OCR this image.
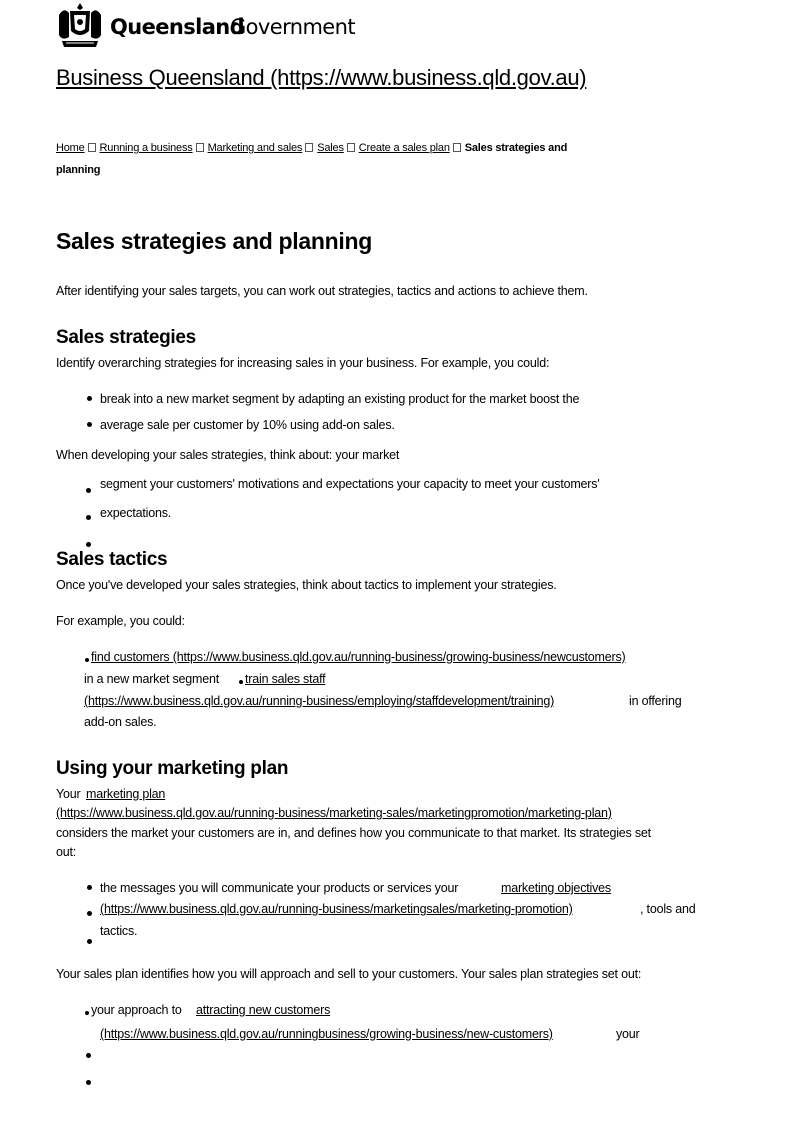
Queensland
Government
Business Queensland (https://www.business.qld.gov.au)
Home Running a business Marketing and sales Sales Create a sales plan Sales strategies and
planning
Sales strategies and planning
After identifying your sales targets, you can work out strategies, tactics and actions to achieve them.
Sales strategies
Identify overarching strategies for increasing sales in your business. For example, you could:
break into a new market segment by adapting an existing product for the market boost the
average sale per customer by 10% using add-on sales.
When developing your sales strategies, think about: your market
segment your customers' motivations and expectations your capacity to meet your customers'
expectations.
Sales tactics
Once you've developed your sales strategies, think about tactics to implement your strategies.
For example, you could:
find customers (https://www.business.qld.gov.au/running-business/growing-business/newcustomers)
in a new market segment train sales staff
(https://www.business.qld.gov.au/running-business/employing/staffdevelopment/training)	in offering
add-on sales.
Using your marketing plan
Your marketing plan
(https://www.business.qld.gov.au/running-business/marketing-sales/marketingpromotion/marketing-plan)
considers the market your customers are in, and defines how you communicate to that market. Its strategies set
out:
the messages you will communicate your products or services your	marketing objectives
(https://www.business.qld.gov.au/running-business/marketingsales/marketing-promotion)	, tools and
tactics.
Your sales plan identifies how you will approach and sell to your customers. Your sales plan strategies set out:
your approach to attracting new customers
(https://www.business.qld.gov.au/runningbusiness/growing-business/new-customers)	your
